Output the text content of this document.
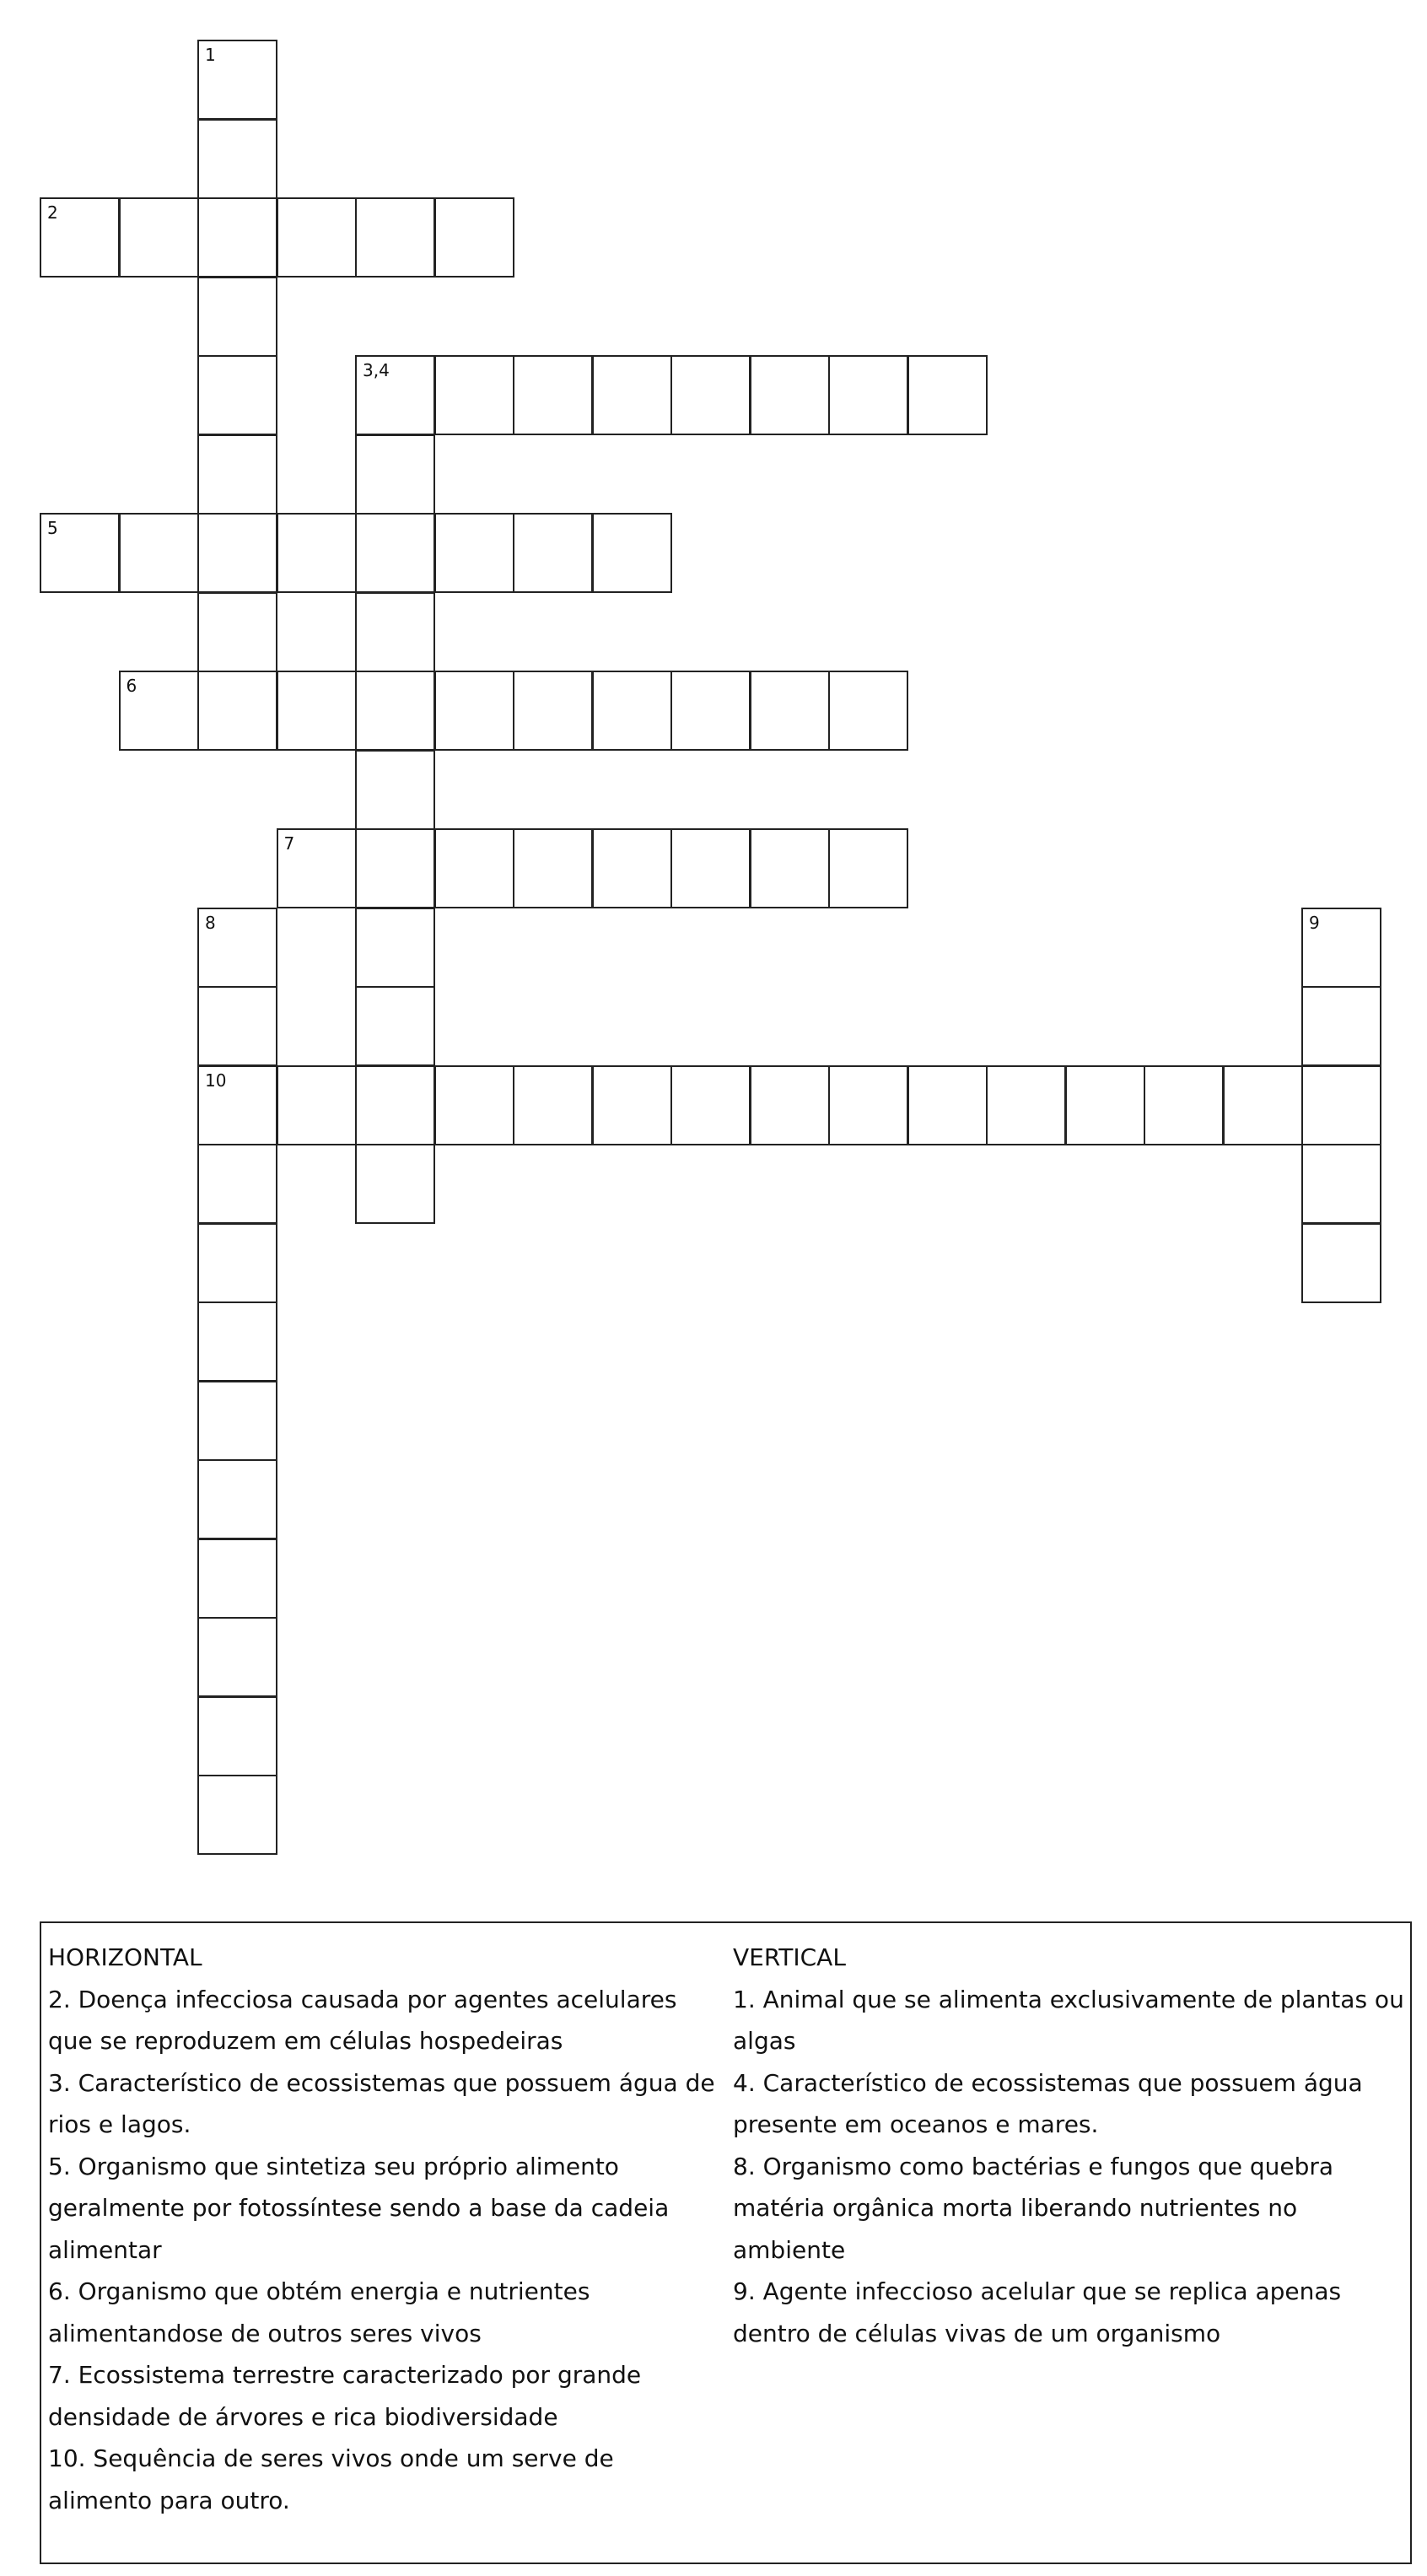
1
2
3,4
5
6
7
8
10
9
HORIZONTAL
2. Doença infecciosa causada por agentes acelulares que se reproduzem em células hospedeiras
3. Característico de ecossistemas que possuem água de rios e lagos.
5. Organismo que sintetiza seu próprio alimento geralmente por fotossíntese sendo a base da cadeia alimentar
6. Organismo que obtém energia e nutrientes alimentandose de outros seres vivos
7. Ecossistema terrestre caracterizado por grande densidade de árvores e rica biodiversidade
10. Sequência de seres vivos onde um serve de alimento para outro.
VERTICAL
1. Animal que se alimenta exclusivamente de plantas ou algas
4. Característico de ecossistemas que possuem água presente em oceanos e mares.
8. Organismo como bactérias e fungos que quebra matéria orgânica morta liberando nutrientes no ambiente
9. Agente infeccioso acelular que se replica apenas dentro de células vivas de um organismo
